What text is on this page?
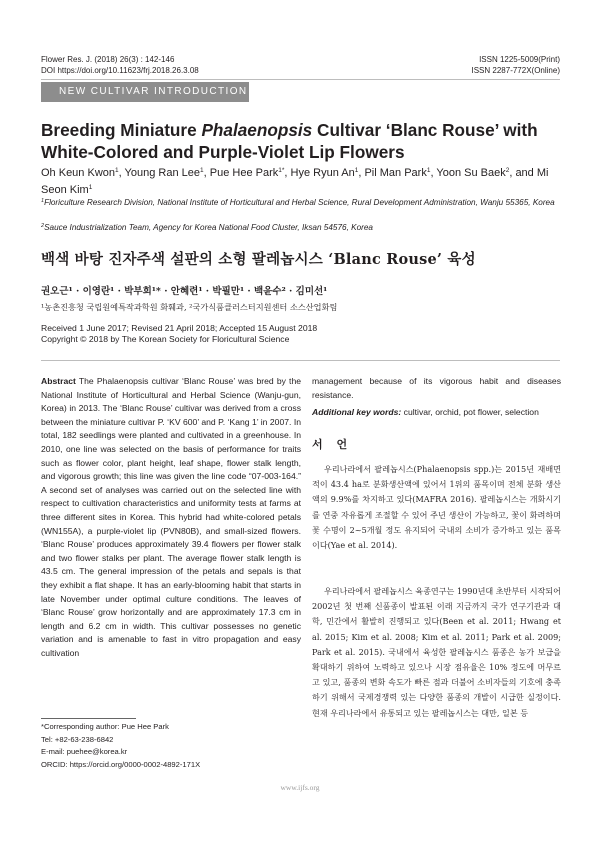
Flower Res. J. (2018) 26(3) : 142-146
DOI https://doi.org/10.11623/frj.2018.26.3.08
ISSN 1225-5009(Print)
ISSN 2287-772X(Online)
NEW CULTIVAR INTRODUCTION
Breeding Miniature Phalaenopsis Cultivar ‘Blanc Rouse’ with White-Colored and Purple-Violet Lip Flowers
Oh Keun Kwon$^1$, Young Ran Lee$^1$, Pue Hee Park$^{1*}$, Hye Ryun An$^1$, Pil Man Park$^1$, Yoon Su Baek$^2$, and Mi Seon Kim$^1$
$^1$Floriculture Research Division, National Institute of Horticultural and Herbal Science, Rural Development Administration, Wanju 55365, Korea
$^2$Sauce Industrialization Team, Agency for Korea National Food Cluster, Iksan 54576, Korea
백색 바탕 진자주색 설판의 소형 팔레놉시스 ‘Blanc Rouse’ 육성
권오근¹ · 이영란¹ · 박부희¹* · 안혜련¹ · 박필만¹ · 백윤수² · 김미선¹
¹농촌진흥청 국립원예특작과학원 화훼과, ²국가식품클러스터지원센터 소스산업화팀
Received 1 June 2017; Revised 21 April 2018; Accepted 15 August 2018
Copyright © 2018 by The Korean Society for Floricultural Science
Abstract The Phalaenopsis cultivar ‘Blanc Rouse’ was bred by the National Institute of Horticultural and Herbal Science (Wanju-gun, Korea) in 2013. The ‘Blanc Rouse’ cultivar was derived from a cross between the miniature cultivar P. ‘KV 600’ and P. ‘Kang 1’ in 2007. In total, 182 seedlings were planted and cultivated in a greenhouse. In 2010, one line was selected on the basis of performance for traits such as flower color, plant height, leaf shape, flower stalk length, and vigorous growth; this line was given the line code “07-003-164.” A second set of analyses was carried out on the selected line with respect to cultivation characteristics and uniformity tests at farms at three different sites in Korea. This hybrid had white-colored petals (WN155A), a purple-violet lip (PVN80B), and small-sized flowers. ‘Blanc Rouse’ produces approximately 39.4 flowers per flower stalk and two flower stalks per plant. The average flower stalk length is 43.5 cm. The general impression of the petals and sepals is that they exhibit a flat shape. It has an early-blooming habit that starts in late November under optimal culture conditions. The leaves of ‘Blanc Rouse’ grow horizontally and are approximately 17.3 cm in length and 6.2 cm in width. This cultivar possesses no genetic variation and is amenable to fast in vitro propagation and easy cultivation
management because of its vigorous habit and diseases resistance.
Additional key words: cultivar, orchid, pot flower, selection
서 언
우리나라에서 팔레놉시스(Phalaenopsis spp.)는 2015년 재배면적이 43.4 ha로 분화생산액에 있어서 1위의 품목이며 전체 분화 생산액의 9.9%를 차지하고 있다(MAFRA 2016). 팔레놉시스는 개화시기를 연중 자유롭게 조절할 수 있어 주년 생산이 가능하고, 꽃이 화려하며 꽃 수명이 2~5개월 정도 유지되어 국내의 소비가 증가하고 있는 품목이다(Yae et al. 2014).
우리나라에서 팔레놉시스 육종연구는 1990년대 초반부터 시작되어 2002년 첫 번째 신품종이 발표된 이래 지금까지 국가 연구기관과 대학, 민간에서 활발히 진행되고 있다(Been et al. 2011; Hwang et al. 2015; Kim et al. 2008; Kim et al. 2011; Park et al. 2009; Park et al. 2015). 국내에서 육성한 팔레놉시스 품종은 농가 보급을 확대하기 위하여 노력하고 있으나 시장 점유율은 10% 정도에 머무르고 있고, 품종의 변화 속도가 빠른 점과 더불어 소비자들의 기호에 충족하기 위해서 국제경쟁력 있는 다양한 품종의 개발이 시급한 실정이다. 현재 우리나라에서 유통되고 있는 팔레놉시스는 대만, 일본 등
*Corresponding author: Pue Hee Park
Tel: +82-63-238-6842
E-mail: puehee@korea.kr
ORCID: https://orcid.org/0000-0002-4892-171X
www.ijfs.org
